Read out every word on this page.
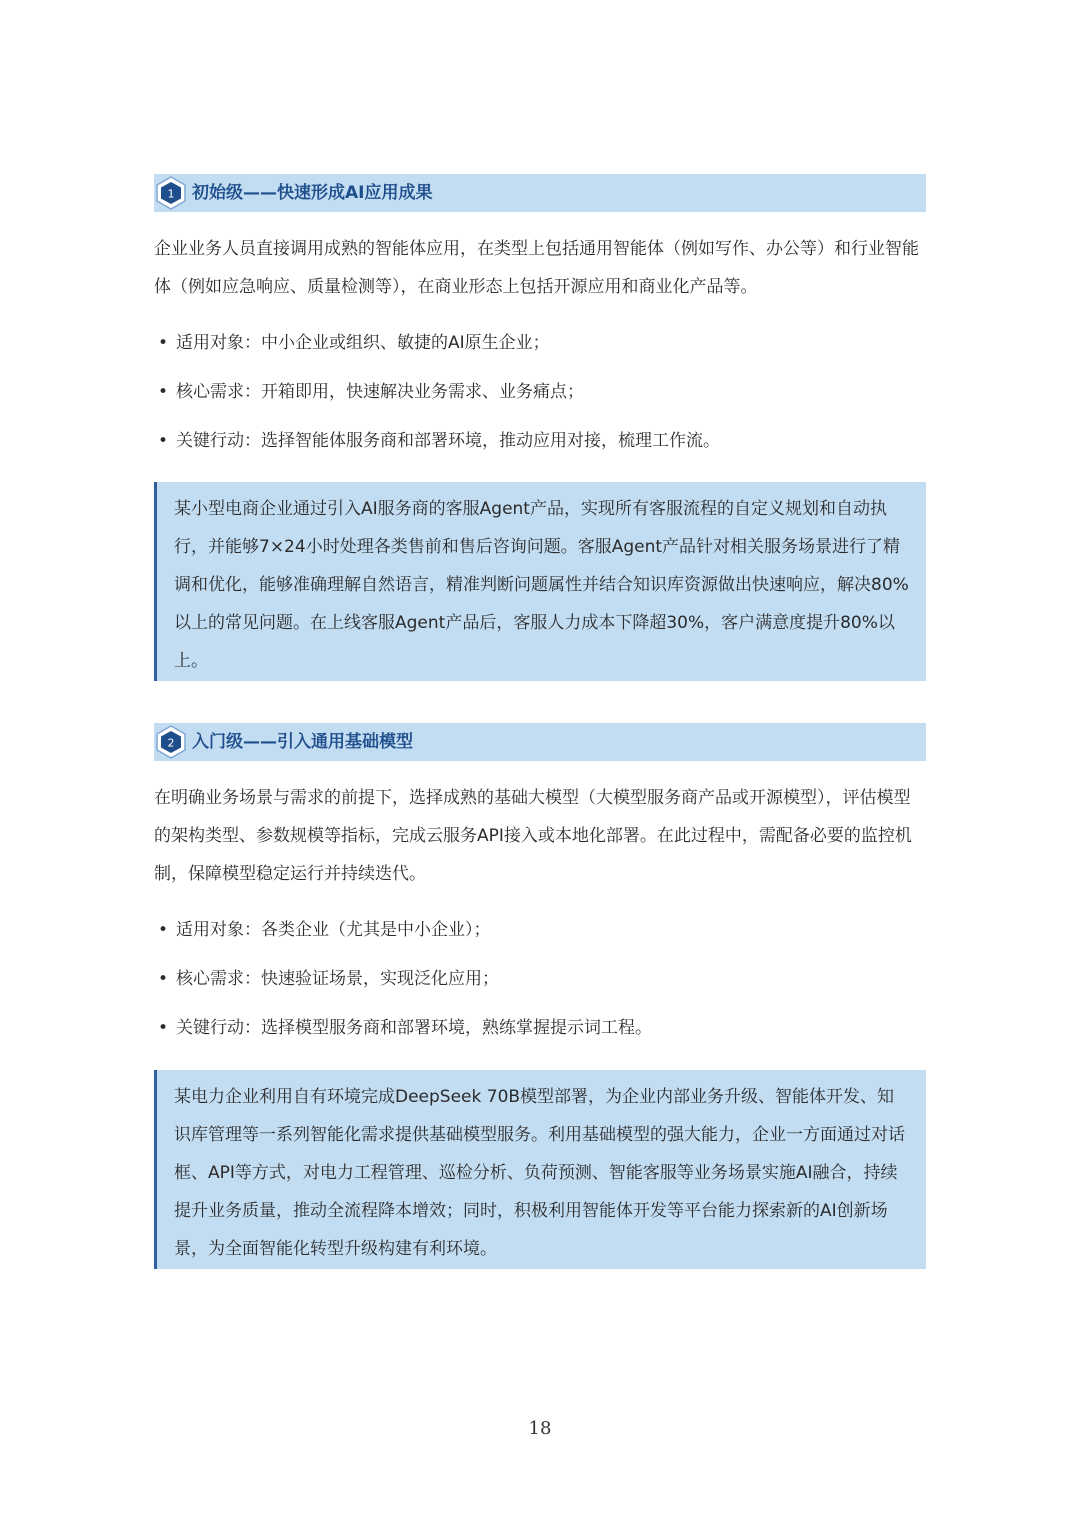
1 初始级——快速形成AI应用成果

企业业务人员直接调用成熟的智能体应用，在类型上包括通用智能体（例如写作、办公等）和行业智能体（例如应急响应、质量检测等），在商业形态上包括开源应用和商业化产品等。

• 适用对象：中小企业或组织、敏捷的AI原生企业；
• 核心需求：开箱即用，快速解决业务需求、业务痛点；
• 关键行动：选择智能体服务商和部署环境，推动应用对接，梳理工作流。

某小型电商企业通过引入AI服务商的客服Agent产品，实现所有客服流程的自定义规划和自动执行，并能够7×24小时处理各类售前和售后咨询问题。客服Agent产品针对相关服务场景进行了精调和优化，能够准确理解自然语言，精准判断问题属性并结合知识库资源做出快速响应，解决80%以上的常见问题。在上线客服Agent产品后，客服人力成本下降超30%，客户满意度提升80%以上。

2 入门级——引入通用基础模型

在明确业务场景与需求的前提下，选择成熟的基础大模型（大模型服务商产品或开源模型），评估模型的架构类型、参数规模等指标，完成云服务API接入或本地化部署。在此过程中，需配备必要的监控机制，保障模型稳定运行并持续迭代。

• 适用对象：各类企业（尤其是中小企业）；
• 核心需求：快速验证场景，实现泛化应用；
• 关键行动：选择模型服务商和部署环境，熟练掌握提示词工程。

某电力企业利用自有环境完成DeepSeek 70B模型部署，为企业内部业务升级、智能体开发、知识库管理等一系列智能化需求提供基础模型服务。利用基础模型的强大能力，企业一方面通过对话框、API等方式，对电力工程管理、巡检分析、负荷预测、智能客服等业务场景实施AI融合，持续提升业务质量，推动全流程降本增效；同时，积极利用智能体开发等平台能力探索新的AI创新场景，为全面智能化转型升级构建有利环境。

18
